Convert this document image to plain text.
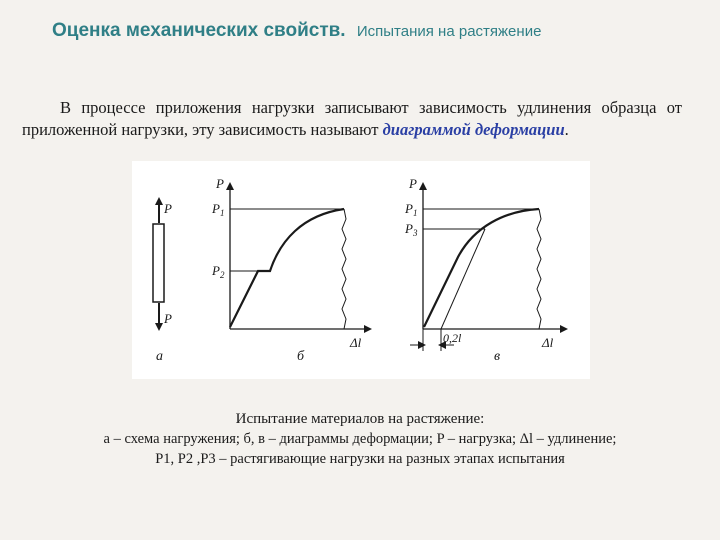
Оценка механических свойств. Испытания на растяжение
В процессе приложения нагрузки записывают зависимость удлинения образца от приложенной нагрузки, эту зависимость называют диаграммой деформации.
P
P
а
P
$P_1$
$P_2$
Δl
б
P
$P_1$
$P_3$
0,2l	Δl
в
Испытание материалов на растяжение:
а – схема нагружения; б, в – диаграммы деформации; P – нагрузка; Δl – удлинение;
P1, P2 ,P3 – растягивающие нагрузки на разных этапах испытания
